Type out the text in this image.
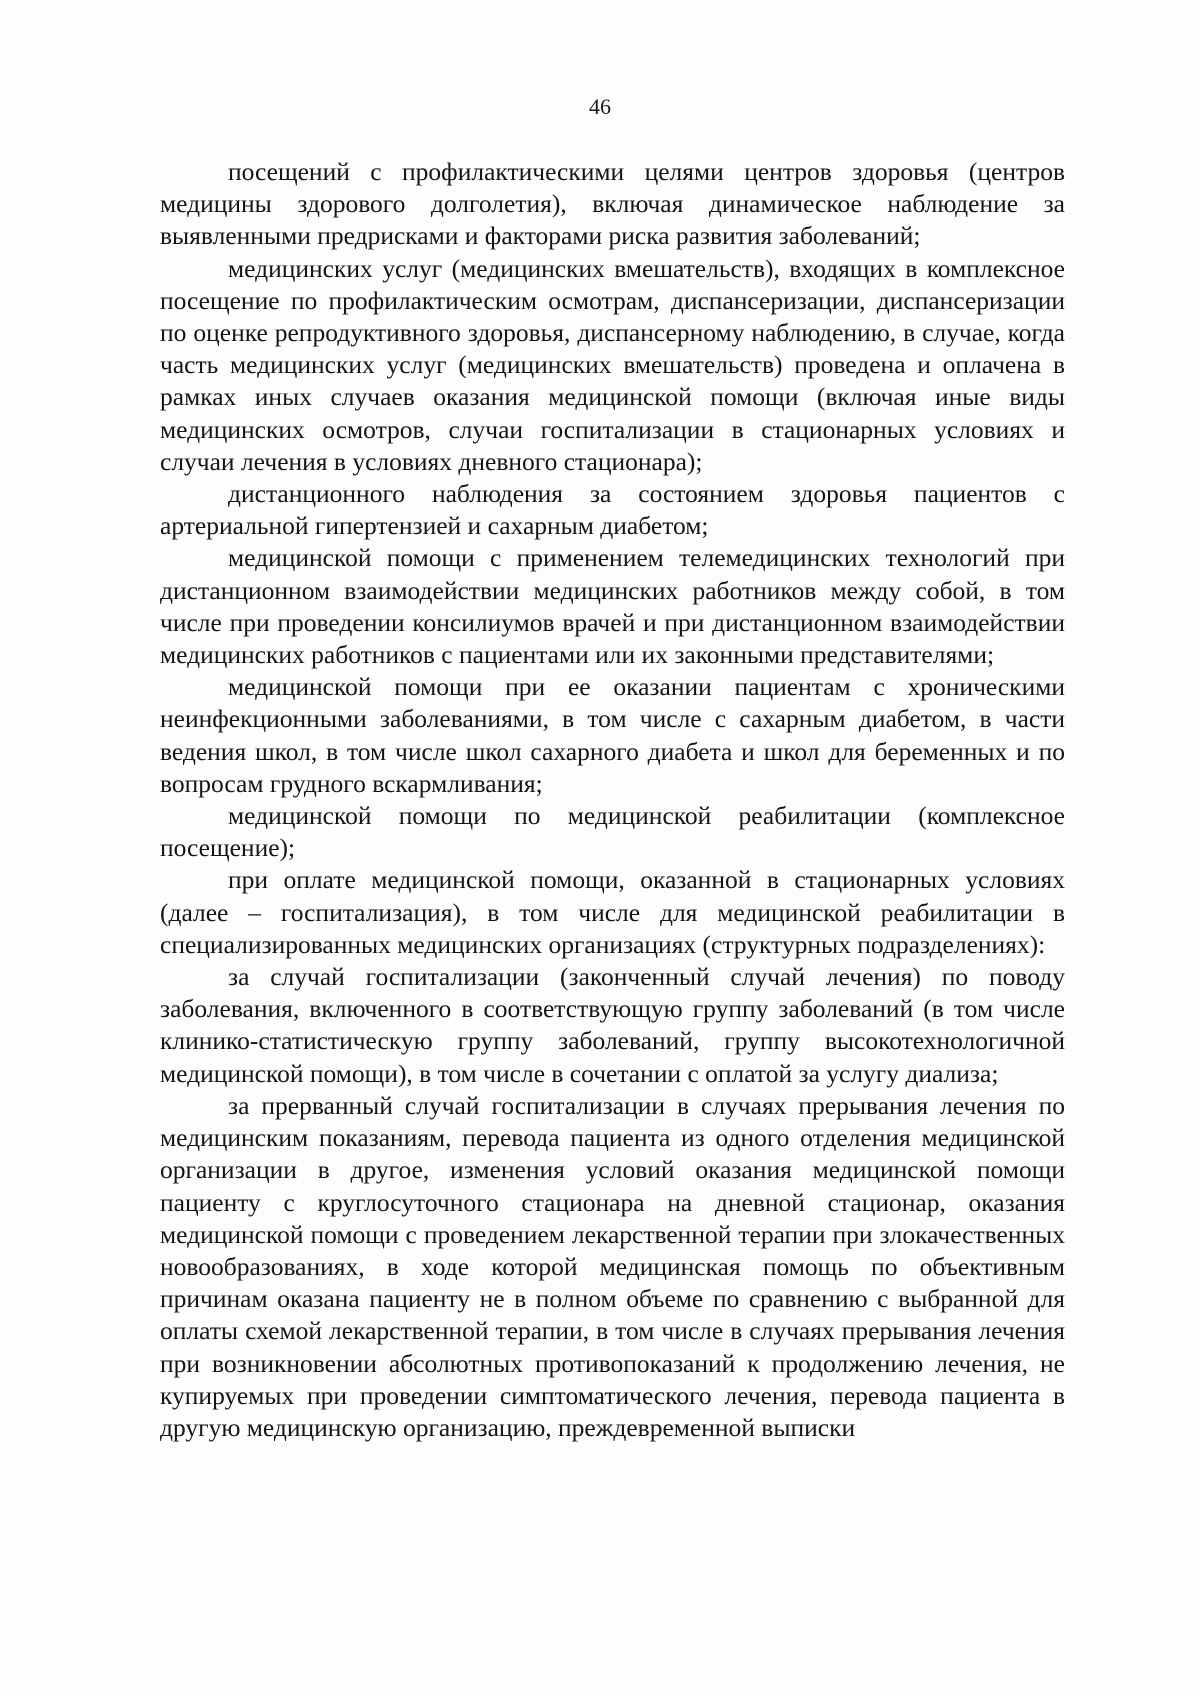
46

посещений с профилактическими целями центров здоровья (центров медицины здорового долголетия), включая динамическое наблюдение за выявленными предрисками и факторами риска развития заболеваний;

медицинских услуг (медицинских вмешательств), входящих в комплексное посещение по профилактическим осмотрам, диспансеризации, диспансеризации по оценке репродуктивного здоровья, диспансерному наблюдению, в случае, когда часть медицинских услуг (медицинских вмешательств) проведена и оплачена в рамках иных случаев оказания медицинской помощи (включая иные виды медицинских осмотров, случаи госпитализации в стационарных условиях и случаи лечения в условиях дневного стационара);

дистанционного наблюдения за состоянием здоровья пациентов с артериальной гипертензией и сахарным диабетом;

медицинской помощи с применением телемедицинских технологий при дистанционном взаимодействии медицинских работников между собой, в том числе при проведении консилиумов врачей и при дистанционном взаимодействии медицинских работников с пациентами или их законными представителями;

медицинской помощи при ее оказании пациентам с хроническими неинфекционными заболеваниями, в том числе с сахарным диабетом, в части ведения школ, в том числе школ сахарного диабета и школ для беременных и по вопросам грудного вскармливания;

медицинской помощи по медицинской реабилитации (комплексное посещение);

при оплате медицинской помощи, оказанной в стационарных условиях (далее – госпитализация), в том числе для медицинской реабилитации в специализированных медицинских организациях (структурных подразделениях):

за случай госпитализации (законченный случай лечения) по поводу заболевания, включенного в соответствующую группу заболеваний (в том числе клинико-статистическую группу заболеваний, группу высокотехнологичной медицинской помощи), в том числе в сочетании с оплатой за услугу диализа;

за прерванный случай госпитализации в случаях прерывания лечения по медицинским показаниям, перевода пациента из одного отделения медицинской организации в другое, изменения условий оказания медицинской помощи пациенту с круглосуточного стационара на дневной стационар, оказания медицинской помощи с проведением лекарственной терапии при злокачественных новообразованиях, в ходе которой медицинская помощь по объективным причинам оказана пациенту не в полном объеме по сравнению с выбранной для оплаты схемой лекарственной терапии, в том числе в случаях прерывания лечения при возникновении абсолютных противопоказаний к продолжению лечения, не купируемых при проведении симптоматического лечения, перевода пациента в другую медицинскую организацию, преждевременной выписки
